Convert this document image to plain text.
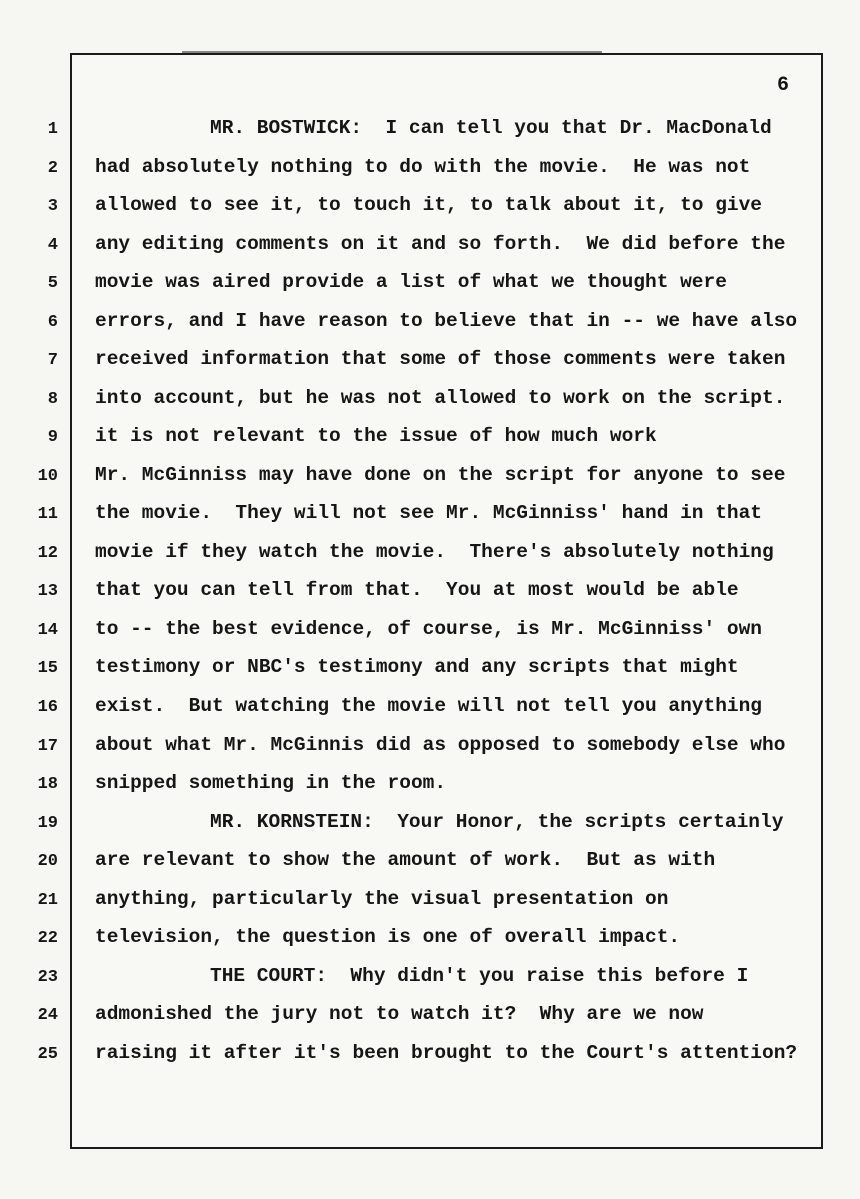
6
1	MR. BOSTWICK:  I can tell you that Dr. MacDonald
2 had absolutely nothing to do with the movie.  He was not
3 allowed to see it, to touch it, to talk about it, to give
4 any editing comments on it and so forth.  We did before the
5 movie was aired provide a list of what we thought were
6 errors, and I have reason to believe that in -- we have also
7 received information that some of those comments were taken
8 into account, but he was not allowed to work on the script.
9 it is not relevant to the issue of how much work
10 Mr. McGinniss may have done on the script for anyone to see
11 the movie.  They will not see Mr. McGinniss' hand in that
12 movie if they watch the movie.  There's absolutely nothing
13 that you can tell from that.  You at most would be able
14 to -- the best evidence, of course, is Mr. McGinniss' own
15 testimony or NBC's testimony and any scripts that might
16 exist.  But watching the movie will not tell you anything
17 about what Mr. McGinnis did as opposed to somebody else who
18 snipped something in the room.
19	MR. KORNSTEIN:  Your Honor, the scripts certainly
20 are relevant to show the amount of work.  But as with
21 anything, particularly the visual presentation on
22 television, the question is one of overall impact.
23	THE COURT:  Why didn't you raise this before I
24 admonished the jury not to watch it?  Why are we now
25 raising it after it's been brought to the Court's attention?
